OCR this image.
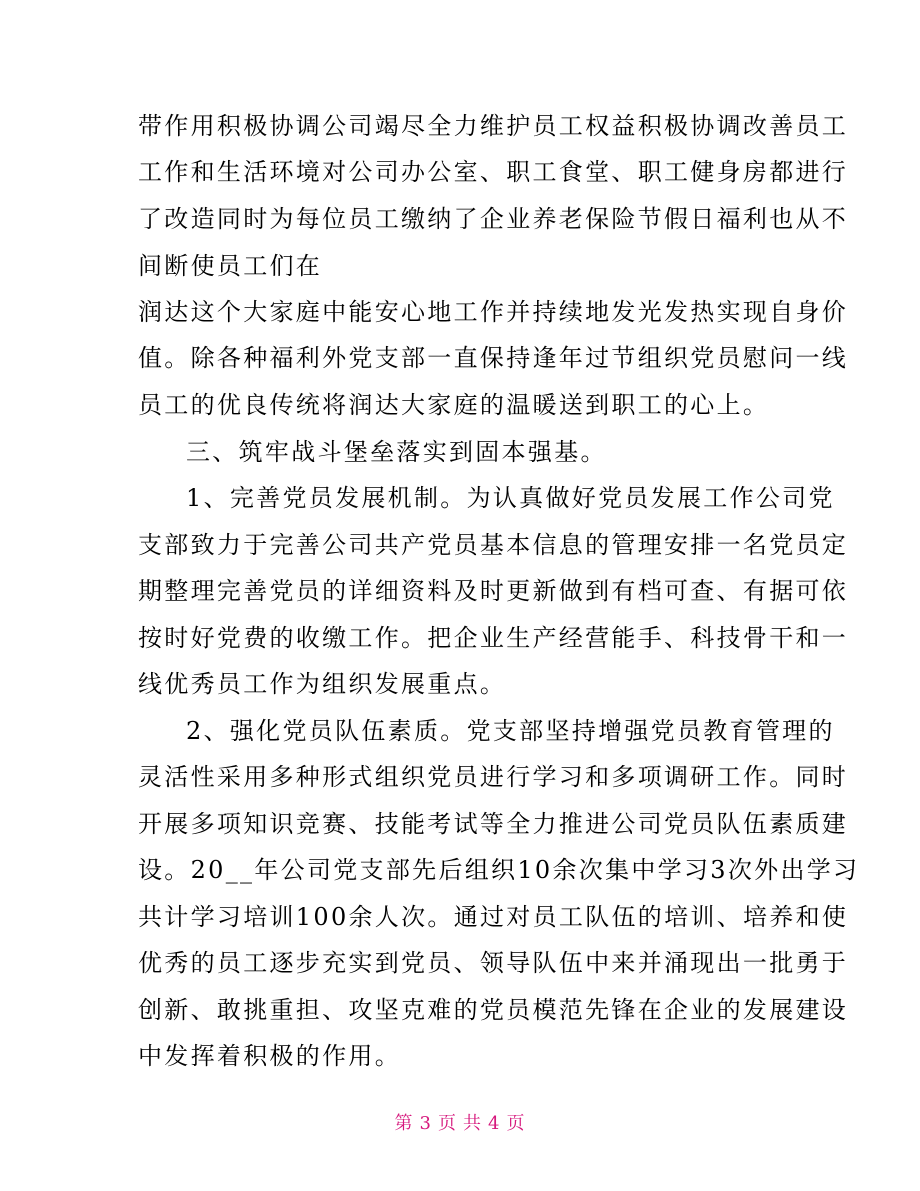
带作用积极协调公司竭尽全力维护员工权益积极协调改善员工
工作和生活环境对公司办公室、职工食堂、职工健身房都进行
了改造同时为每位员工缴纳了企业养老保险节假日福利也从不
间断使员工们在
润达这个大家庭中能安心地工作并持续地发光发热实现自身价
值。除各种福利外党支部一直保持逢年过节组织党员慰问一线
员工的优良传统将润达大家庭的温暖送到职工的心上。
三、筑牢战斗堡垒落实到固本强基。
1、完善党员发展机制。为认真做好党员发展工作公司党
支部致力于完善公司共产党员基本信息的管理安排一名党员定
期整理完善党员的详细资料及时更新做到有档可查、有据可依
按时好党费的收缴工作。把企业生产经营能手、科技骨干和一
线优秀员工作为组织发展重点。
2、强化党员队伍素质。党支部坚持增强党员教育管理的
灵活性采用多种形式组织党员进行学习和多项调研工作。同时
开展多项知识竞赛、技能考试等全力推进公司党员队伍素质建
设。20__年公司党支部先后组织10余次集中学习3次外出学习
共计学习培训100余人次。通过对员工队伍的培训、培养和使
优秀的员工逐步充实到党员、领导队伍中来并涌现出一批勇于
创新、敢挑重担、攻坚克难的党员模范先锋在企业的发展建设
中发挥着积极的作用。
第 3 页 共 4 页
